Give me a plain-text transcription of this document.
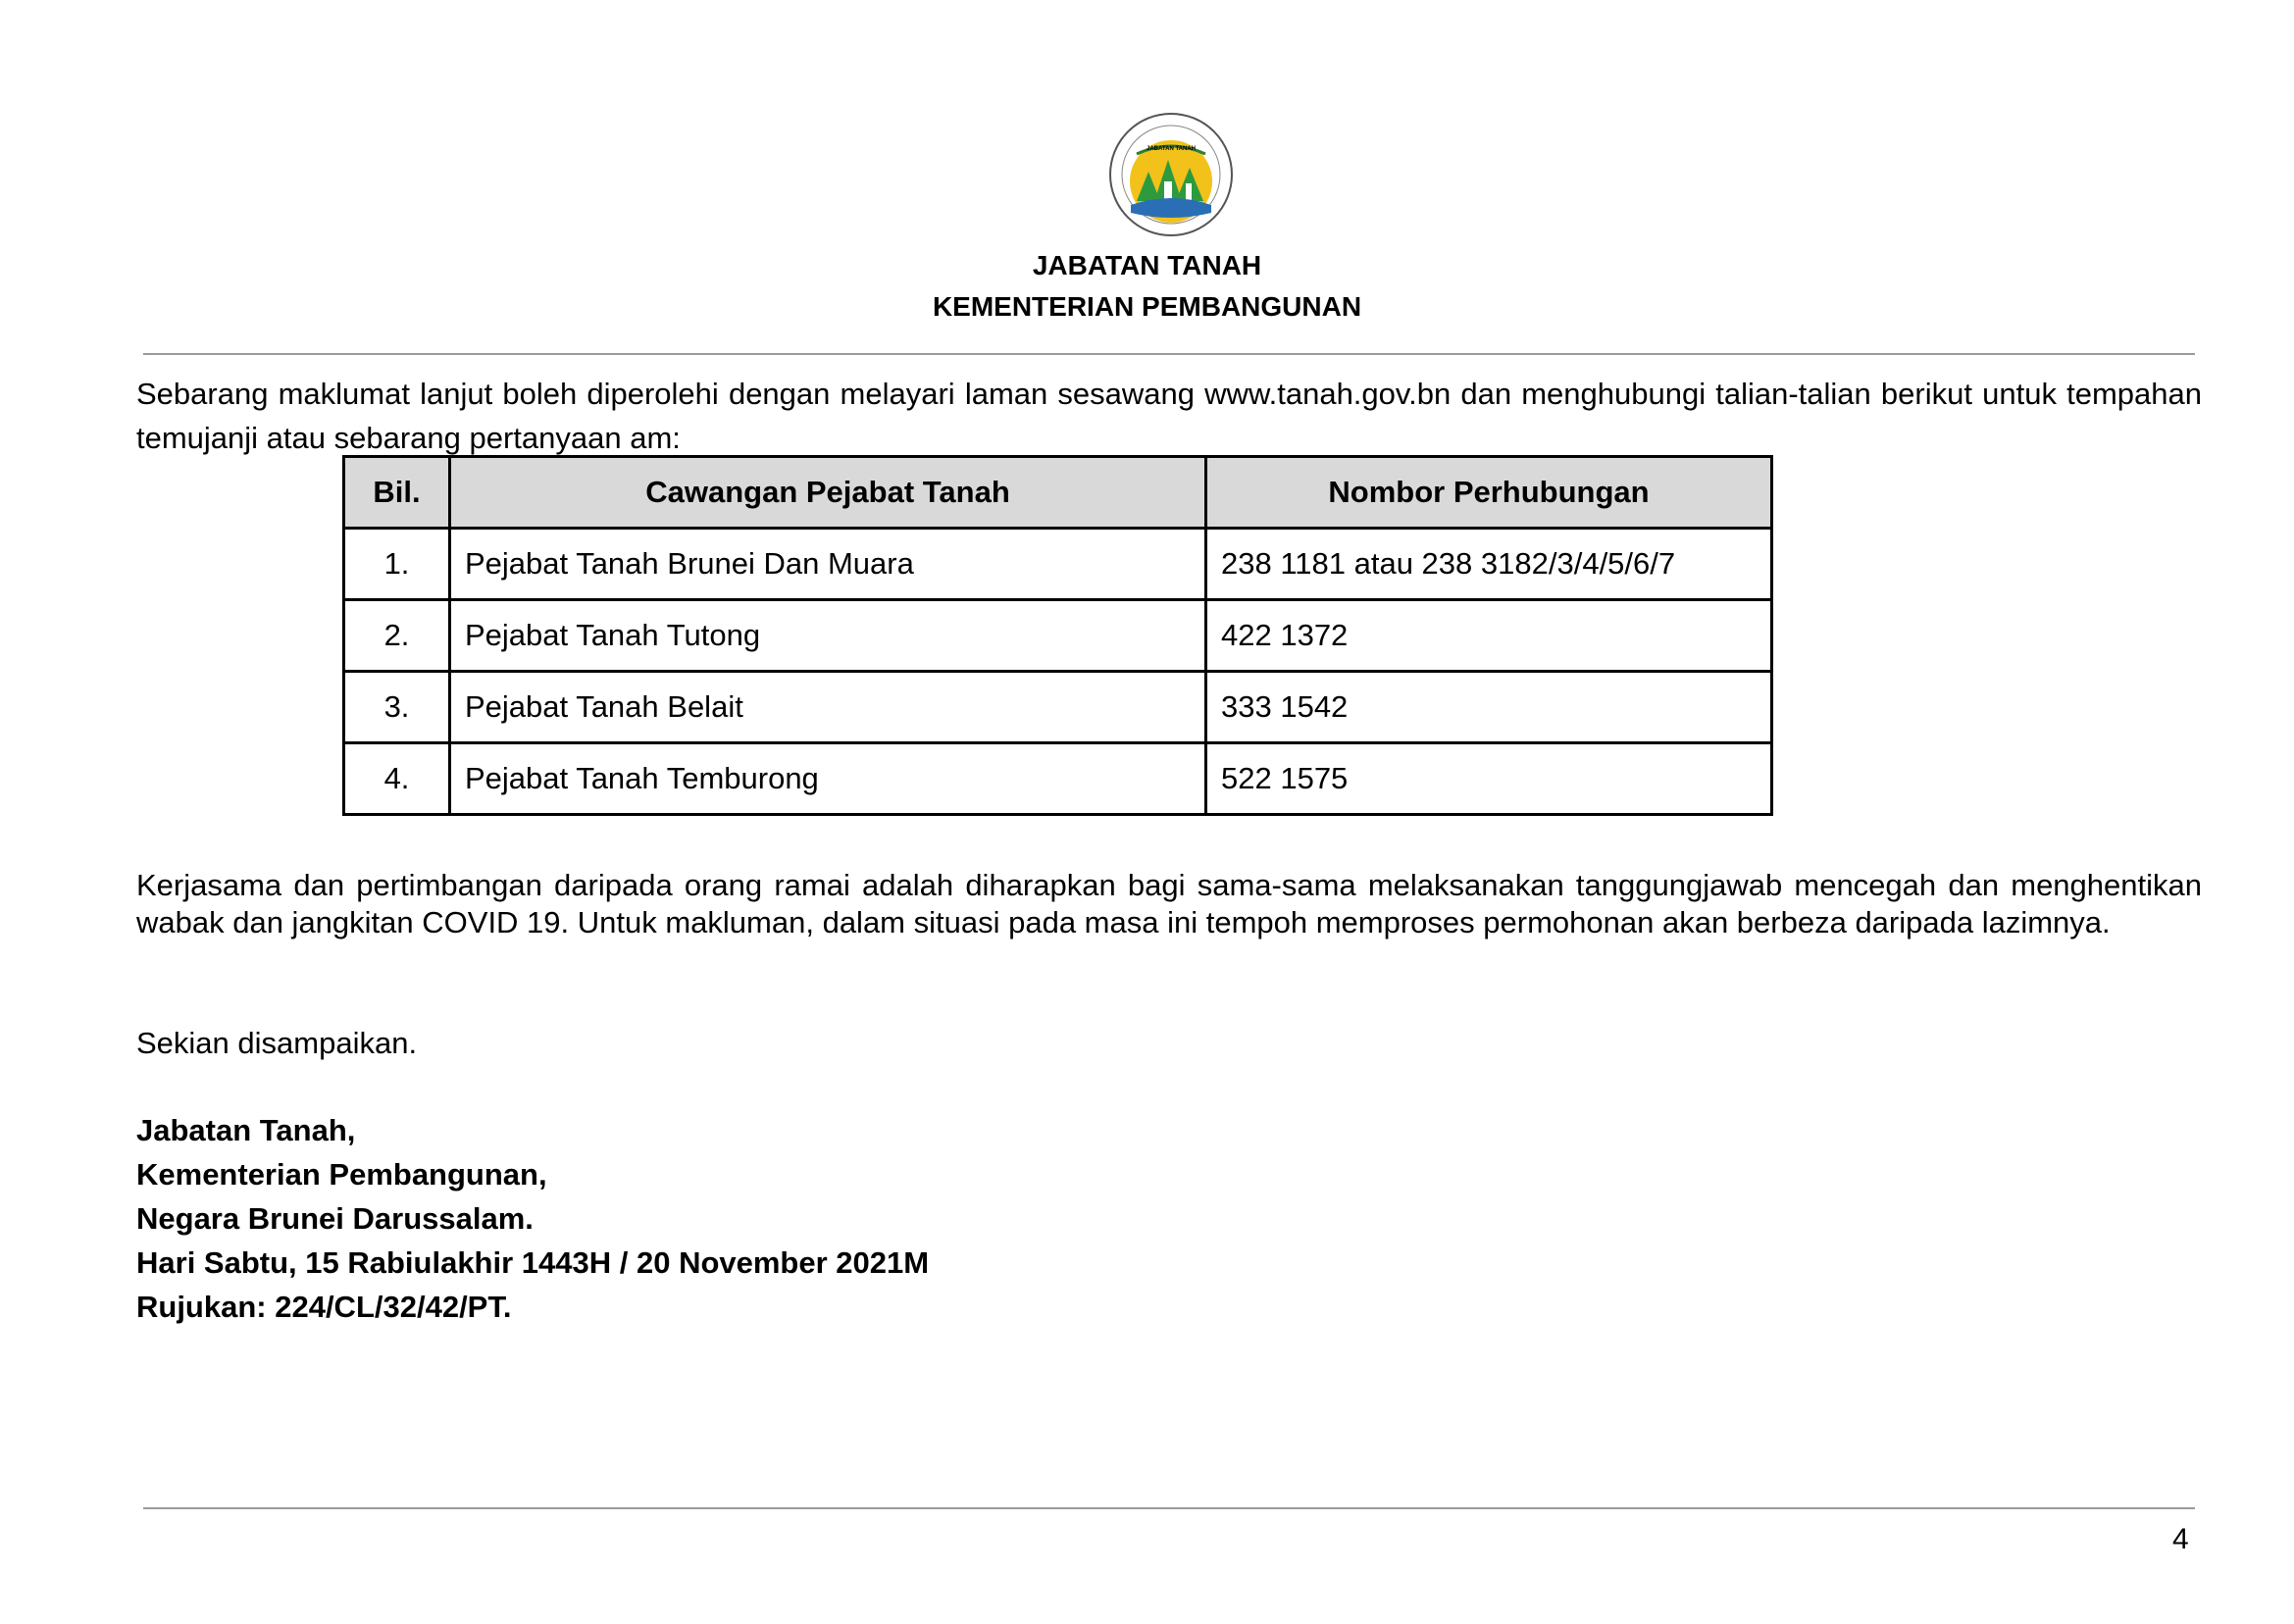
JABATAN TANAH
JABATAN TANAH
KEMENTERIAN PEMBANGUNAN

Sebarang maklumat lanjut boleh diperolehi dengan melayari laman sesawang www.tanah.gov.bn dan menghubungi talian-talian berikut untuk tempahan temujanji atau sebarang pertanyaan am:

Bil.	Cawangan Pejabat Tanah	Nombor Perhubungan
1.	Pejabat Tanah Brunei Dan Muara	238 1181 atau 238 3182/3/4/5/6/7
2.	Pejabat Tanah Tutong	422 1372
3.	Pejabat Tanah Belait	333 1542
4.	Pejabat Tanah Temburong	522 1575

Kerjasama dan pertimbangan daripada orang ramai adalah diharapkan bagi sama-sama melaksanakan tanggungjawab mencegah dan menghentikan wabak dan jangkitan COVID 19. Untuk makluman, dalam situasi pada masa ini tempoh memproses permohonan akan berbeza daripada lazimnya.

Sekian disampaikan.

Jabatan Tanah,
Kementerian Pembangunan,
Negara Brunei Darussalam.
Hari Sabtu, 15 Rabiulakhir 1443H / 20 November 2021M
Rujukan: 224/CL/32/42/PT.
4
